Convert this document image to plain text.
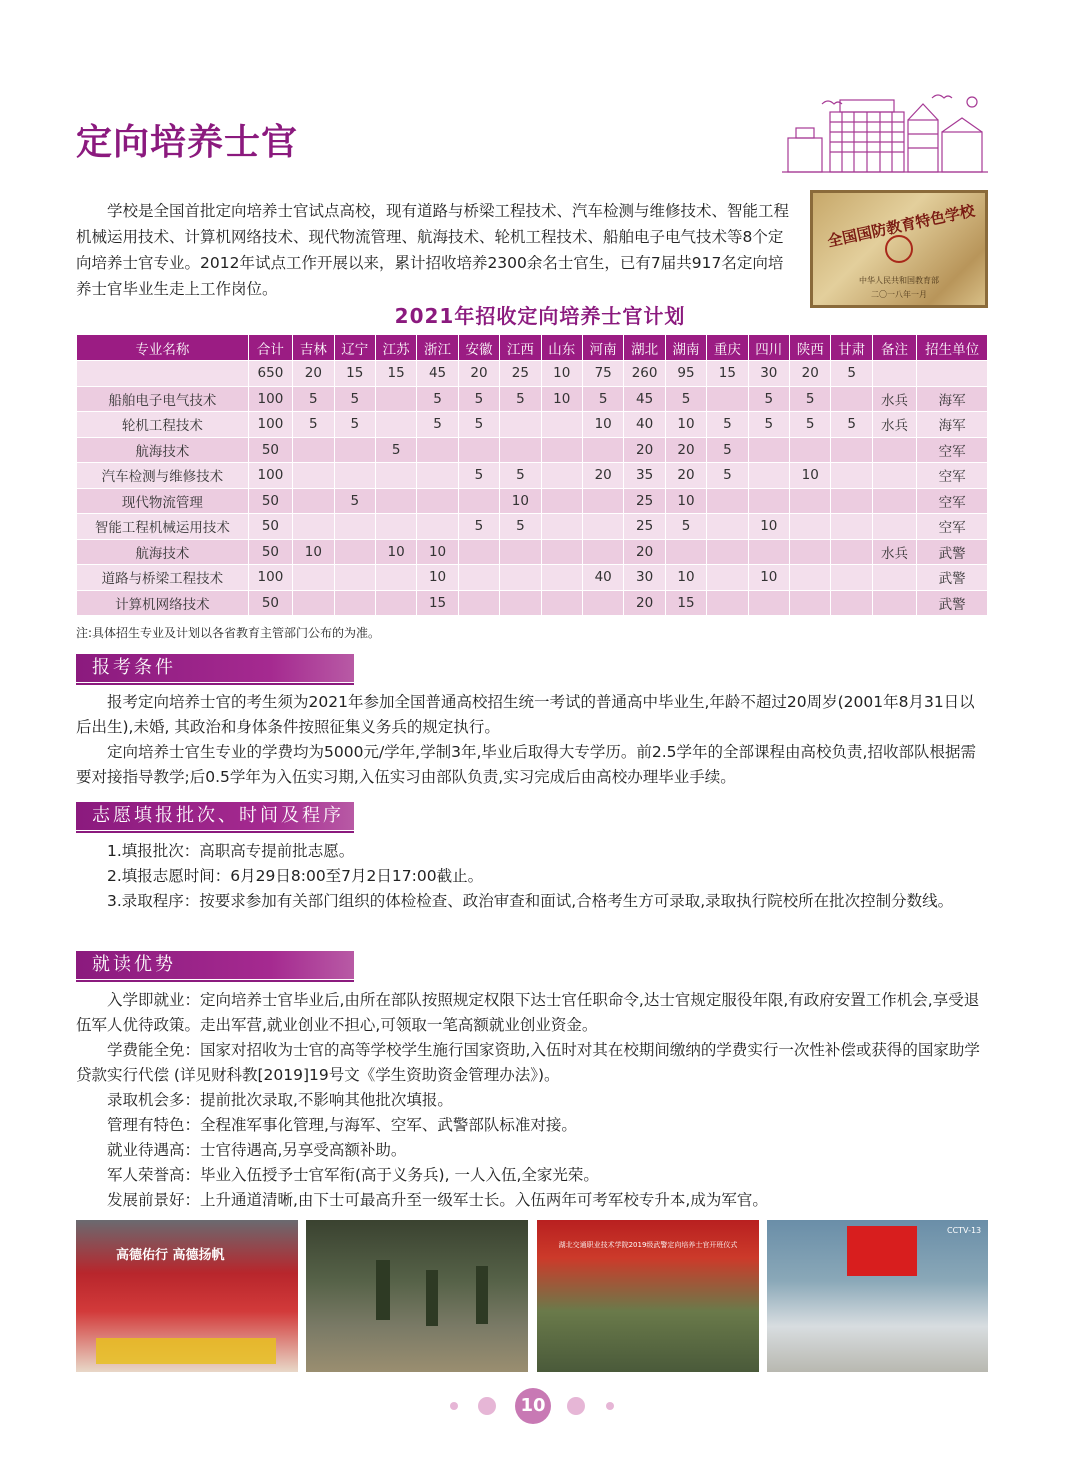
定向培养士官

学校是全国首批定向培养士官试点高校，现有道路与桥梁工程技术、汽车检测与维修技术、智能工程机械运用技术、计算机网络技术、现代物流管理、航海技术、轮机工程技术、船舶电子电气技术等8个定向培养士官专业。2012年试点工作开展以来，累计招收培养2300余名士官生，已有7届共917名定向培养士官毕业生走上工作岗位。

全国国防教育特色学校
中华人民共和国教育部
二〇一八年一月
2021年招收定向培养士官计划
专业名称	合计	吉林	辽宁	江苏	浙江	安徽	江西	山东	河南	湖北	湖南	重庆	四川	陕西	甘肃	备注	招生单位
	650	20	15	15	45	20	25	10	75	260	95	15	30	20	5		
船舶电子电气技术	100	5	5		5	5	5	10	5	45	5		5	5		水兵	海军
轮机工程技术	100	5	5		5	5			10	40	10	5	5	5	5	水兵	海军
航海技术	50			5						20	20	5					空军
汽车检测与维修技术	100					5	5		20	35	20	5		10			空军
现代物流管理	50		5				10			25	10						空军
智能工程机械运用技术	50					5	5			25	5		10				空军
航海技术	50	10		10	10					20						水兵	武警
道路与桥梁工程技术	100				10				40	30	10		10				武警
计算机网络技术	50				15					20	15						武警
注:具体招生专业及计划以各省教育主管部门公布的为准。
报考条件

报考定向培养士官的考生须为2021年参加全国普通高校招生统一考试的普通高中毕业生,年龄不超过20周岁(2001年8月31日以后出生),未婚, 其政治和身体条件按照征集义务兵的规定执行。

定向培养士官生专业的学费均为5000元/学年,学制3年,毕业后取得大专学历。前2.5学年的全部课程由高校负责,招收部队根据需要对接指导教学;后0.5学年为入伍实习期,入伍实习由部队负责,实习完成后由高校办理毕业手续。

志愿填报批次、时间及程序

1.填报批次：高职高专提前批志愿。

2.填报志愿时间：6月29日8:00至7月2日17:00截止。

3.录取程序：按要求参加有关部门组织的体检检查、政治审查和面试,合格考生方可录取,录取执行院校所在批次控制分数线。

就读优势

入学即就业：定向培养士官毕业后,由所在部队按照规定权限下达士官任职命令,达士官规定服役年限,有政府安置工作机会,享受退伍军人优待政策。走出军营,就业创业不担心,可领取一笔高额就业创业资金。

学费能全免：国家对招收为士官的高等学校学生施行国家资助,入伍时对其在校期间缴纳的学费实行一次性补偿或获得的国家助学贷款实行代偿 (详见财科教[2019]19号文《学生资助资金管理办法》)。

录取机会多：提前批次录取,不影响其他批次填报。

管理有特色：全程准军事化管理,与海军、空军、武警部队标准对接。

就业待遇高：士官待遇高,另享受高额补助。

军人荣誉高：毕业入伍授予士官军衔(高于义务兵), 一人入伍,全家光荣。

发展前景好：上升通道清晰,由下士可最高升至一级军士长。入伍两年可考军校专升本,成为军官。

高德佑行 高德扬帆
湖北交通职业技术学院2019级武警定向培养士官开班仪式
CCTV-13
10
